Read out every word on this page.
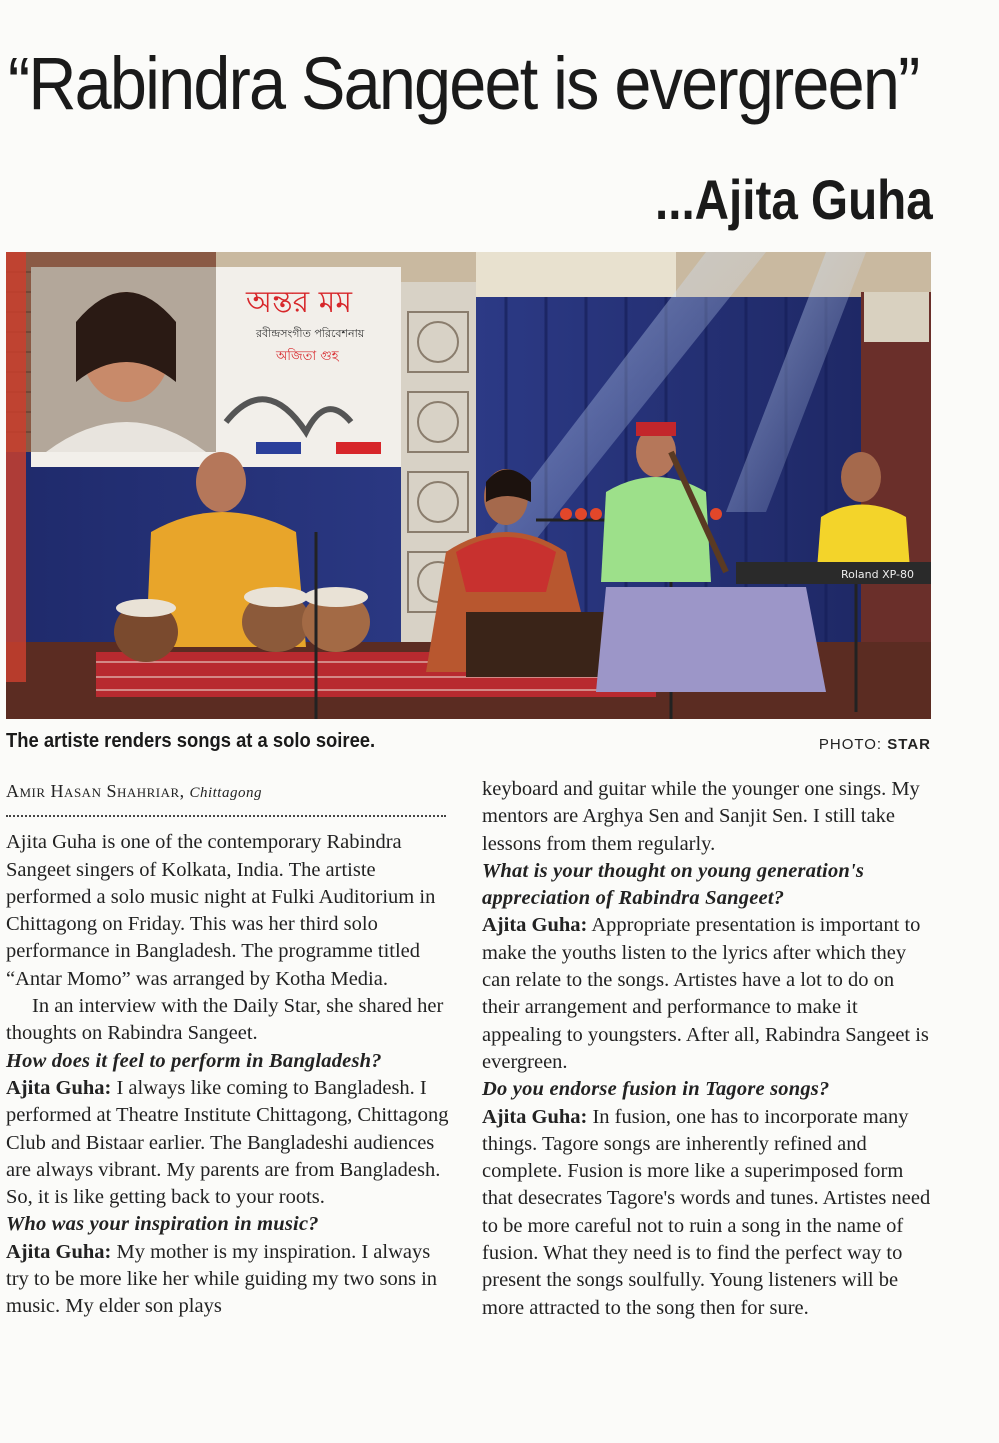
“Rabindra Sangeet is evergreen”
...Ajita Guha
অন্তর মম
রবীন্দ্রসংগীত পরিবেশনায়
অজিতা গুহ
Roland XP-80
The artiste renders songs at a solo soiree.	PHOTO: STAR

Amir Hasan Shahriar, Chittagong

Ajita Guha is one of the contemporary Rabindra Sangeet singers of Kolkata, India. The artiste performed a solo music night at Fulki Auditorium in Chittagong on Friday. This was her third solo performance in Bangladesh. The programme titled “Antar Momo” was arranged by Kotha Media.

In an interview with the Daily Star, she shared her thoughts on Rabindra Sangeet.

How does it feel to perform in Bangladesh?

Ajita Guha: I always like coming to Bangladesh. I performed at Theatre Institute Chittagong, Chittagong Club and Bistaar earlier. The Bangladeshi audiences are always vibrant. My parents are from Bangladesh. So, it is like getting back to your roots.

Who was your inspiration in music?

Ajita Guha: My mother is my inspiration. I always try to be more like her while guiding my two sons in music. My elder son plays

keyboard and guitar while the younger one sings. My mentors are Arghya Sen and Sanjit Sen. I still take lessons from them regularly.

What is your thought on young generation's appreciation of Rabindra Sangeet?

Ajita Guha: Appropriate presentation is important to make the youths listen to the lyrics after which they can relate to the songs. Artistes have a lot to do on their arrangement and performance to make it appealing to youngsters. After all, Rabindra Sangeet is evergreen.

Do you endorse fusion in Tagore songs?

Ajita Guha: In fusion, one has to incorporate many things. Tagore songs are inherently refined and complete. Fusion is more like a superimposed form that desecrates Tagore's words and tunes. Artistes need to be more careful not to ruin a song in the name of fusion. What they need is to find the perfect way to present the songs soulfully. Young listeners will be more attracted to the song then for sure.
